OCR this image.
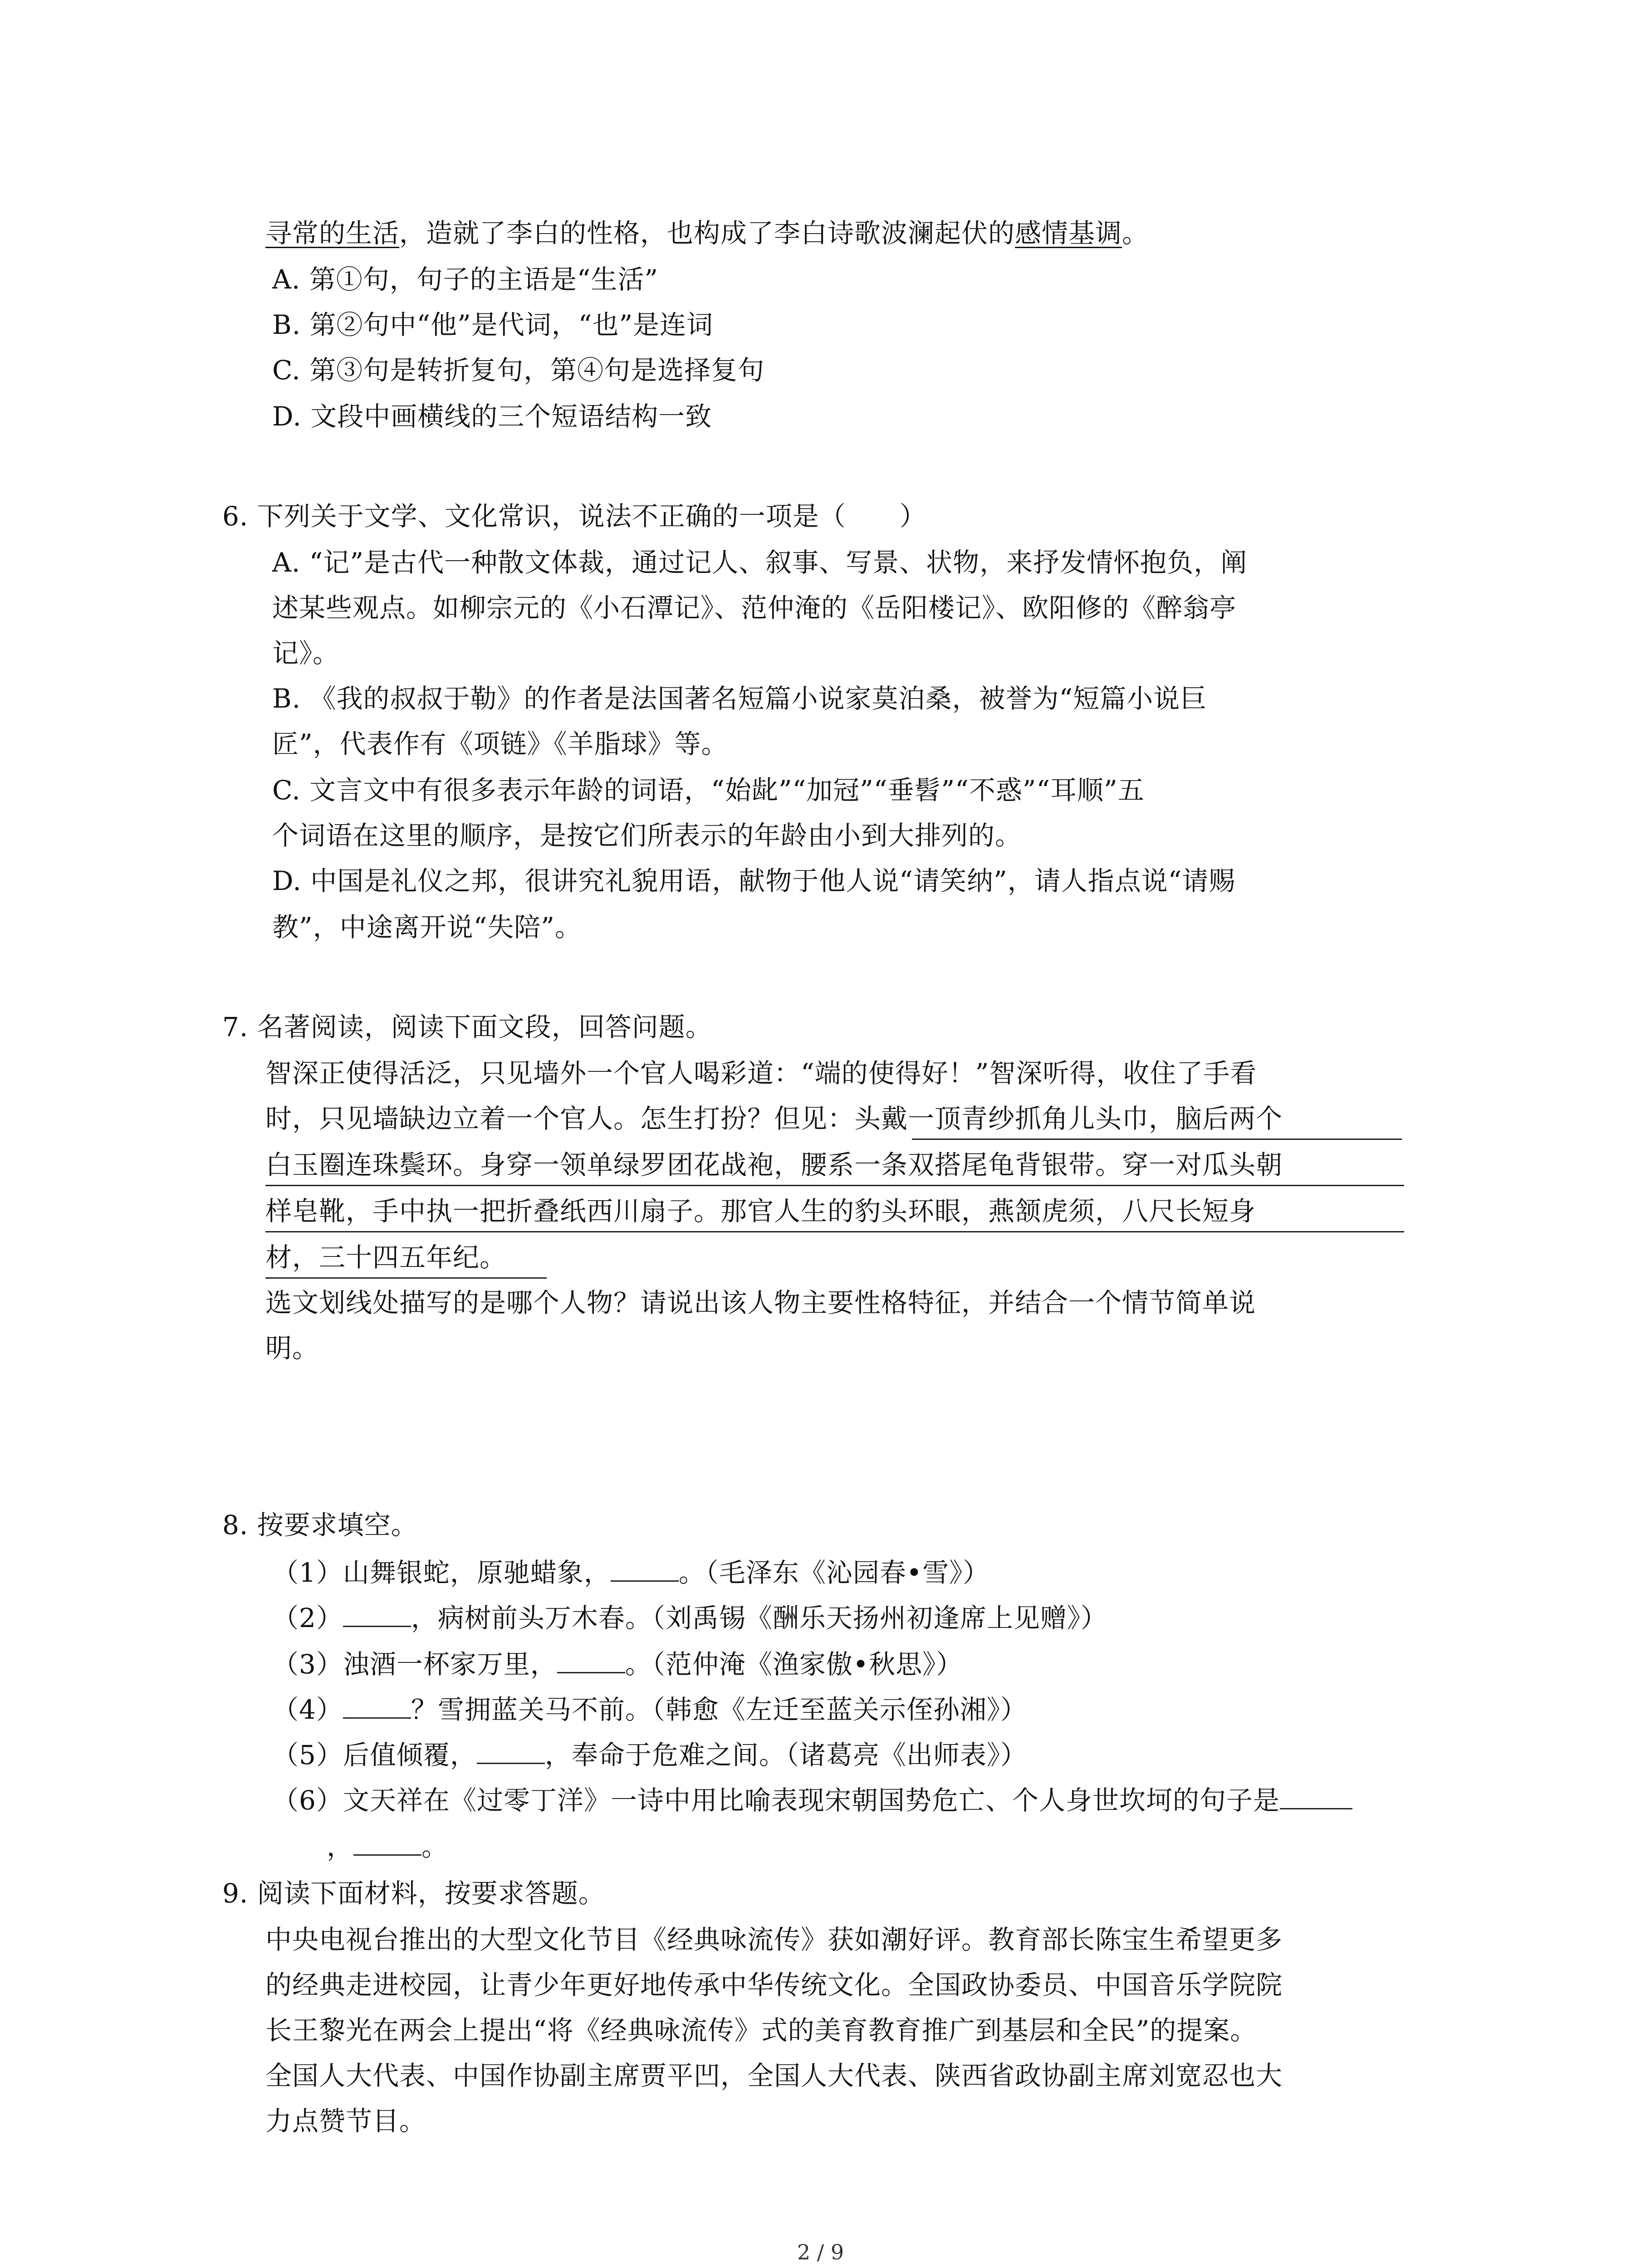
寻常的生活，造就了李白的性格，也构成了李白诗歌波澜起伏的感情基调。
A. 第①句，句子的主语是“生活”
B. 第②句中“他”是代词，“也”是连词
C. 第③句是转折复句，第④句是选择复句
D. 文段中画横线的三个短语结构一致
6. 下列关于文学、文化常识，说法不正确的一项是（　　）
A. “记”是古代一种散文体裁，通过记人、叙事、写景、状物，来抒发情怀抱负，阐
述某些观点。如柳宗元的《小石潭记》、范仲淹的《岳阳楼记》、欧阳修的《醉翁亭
记》。
B. 《我的叔叔于勒》的作者是法国著名短篇小说家莫泊桑，被誉为“短篇小说巨
匠”，代表作有《项链》《羊脂球》等。
C. 文言文中有很多表示年龄的词语，“始龀”“加冠”“垂髫”“不惑”“耳顺”五
个词语在这里的顺序，是按它们所表示的年龄由小到大排列的。
D. 中国是礼仪之邦，很讲究礼貌用语，献物于他人说“请笑纳”，请人指点说“请赐
教”，中途离开说“失陪”。
7. 名著阅读，阅读下面文段，回答问题。
智深正使得活泛，只见墙外一个官人喝彩道：“端的使得好！”智深听得，收住了手看
时，只见墙缺边立着一个官人。怎生打扮？但见：头戴一顶青纱抓角儿头巾，脑后两个
白玉圈连珠鬓环。身穿一领单绿罗团花战袍，腰系一条双搭尾龟背银带。穿一对瓜头朝
样皂靴，手中执一把折叠纸西川扇子。那官人生的豹头环眼，燕颔虎须，八尺长短身
材，三十四五年纪。
选文划线处描写的是哪个人物？请说出该人物主要性格特征，并结合一个情节简单说
明。
8. 按要求填空。
（1）山舞银蛇，原驰蜡象，	。（毛泽东《沁园春•雪》）
（2）	，病树前头万木春。（刘禹锡《酬乐天扬州初逢席上见赠》）
（3）浊酒一杯家万里，	。（范仲淹《渔家傲•秋思》）
（4）	？雪拥蓝关马不前。（韩愈《左迁至蓝关示侄孙湘》）
（5）后值倾覆，	，奉命于危难之间。（诸葛亮《出师表》）
（6）文天祥在《过零丁洋》一诗中用比喻表现宋朝国势危亡、个人身世坎坷的句子是
，	。
9. 阅读下面材料，按要求答题。
中央电视台推出的大型文化节目《经典咏流传》获如潮好评。教育部长陈宝生希望更多
的经典走进校园，让青少年更好地传承中华传统文化。全国政协委员、中国音乐学院院
长王黎光在两会上提出“将《经典咏流传》式的美育教育推广到基层和全民”的提案。
全国人大代表、中国作协副主席贾平凹，全国人大代表、陕西省政协副主席刘宽忍也大
力点赞节目。
2 / 9
